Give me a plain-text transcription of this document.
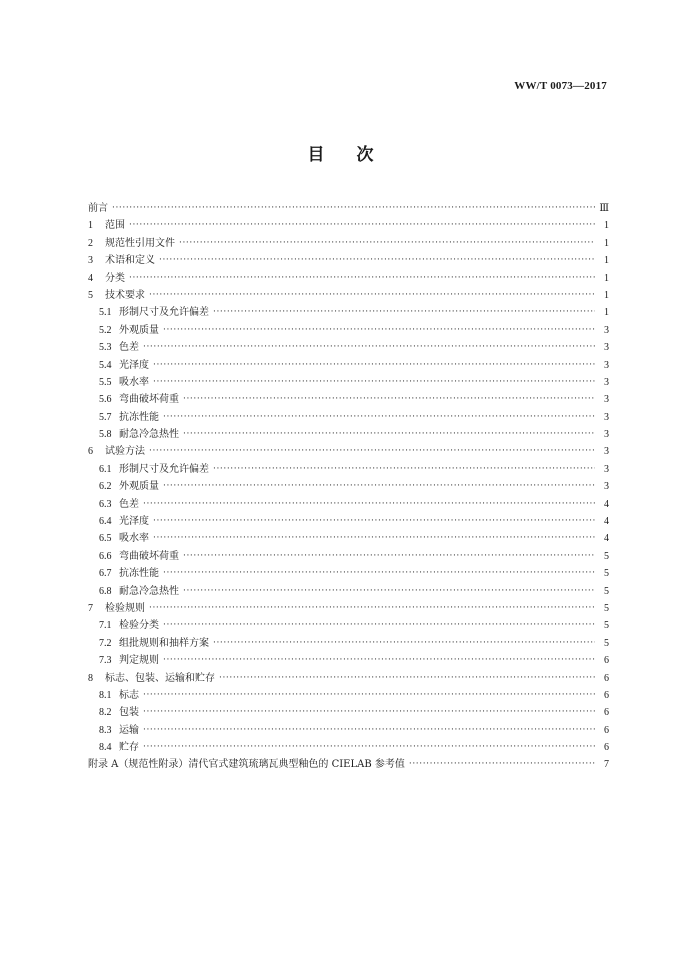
WW/T 0073—2017
目 次
前言 ·····	Ⅲ
1	范围 ·····	1
2	规范性引用文件 ·····	1
3	术语和定义 ·····	1
4	分类 ·····	1
5	技术要求 ·····	1
5.1 形制尺寸及允许偏差 ·····	1
5.2 外观质量 ·····	3
5.3 色差 ·····	3
5.4 光泽度 ·····	3
5.5 吸水率 ·····	3
5.6 弯曲破坏荷重 ·····	3
5.7 抗冻性能 ·····	3
5.8 耐急冷急热性 ·····	3
6	试验方法 ·····	3
6.1 形制尺寸及允许偏差 ·····	3
6.2 外观质量 ·····	3
6.3 色差 ·····	4
6.4 光泽度 ·····	4
6.5 吸水率 ·····	4
6.6 弯曲破坏荷重 ·····	5
6.7 抗冻性能 ·····	5
6.8 耐急冷急热性 ·····	5
7	检验规则 ·····	5
7.1 检验分类 ·····	5
7.2 组批规则和抽样方案 ·····	5
7.3 判定规则 ·····	6
8	标志、包装、运输和贮存 ·····	6
8.1 标志 ·····	6
8.2 包装 ·····	6
8.3 运输 ·····	6
8.4 贮存 ·····	6
附录 A（规范性附录）清代官式建筑琉璃瓦典型釉色的 CIELAB 参考值 ·····	7
